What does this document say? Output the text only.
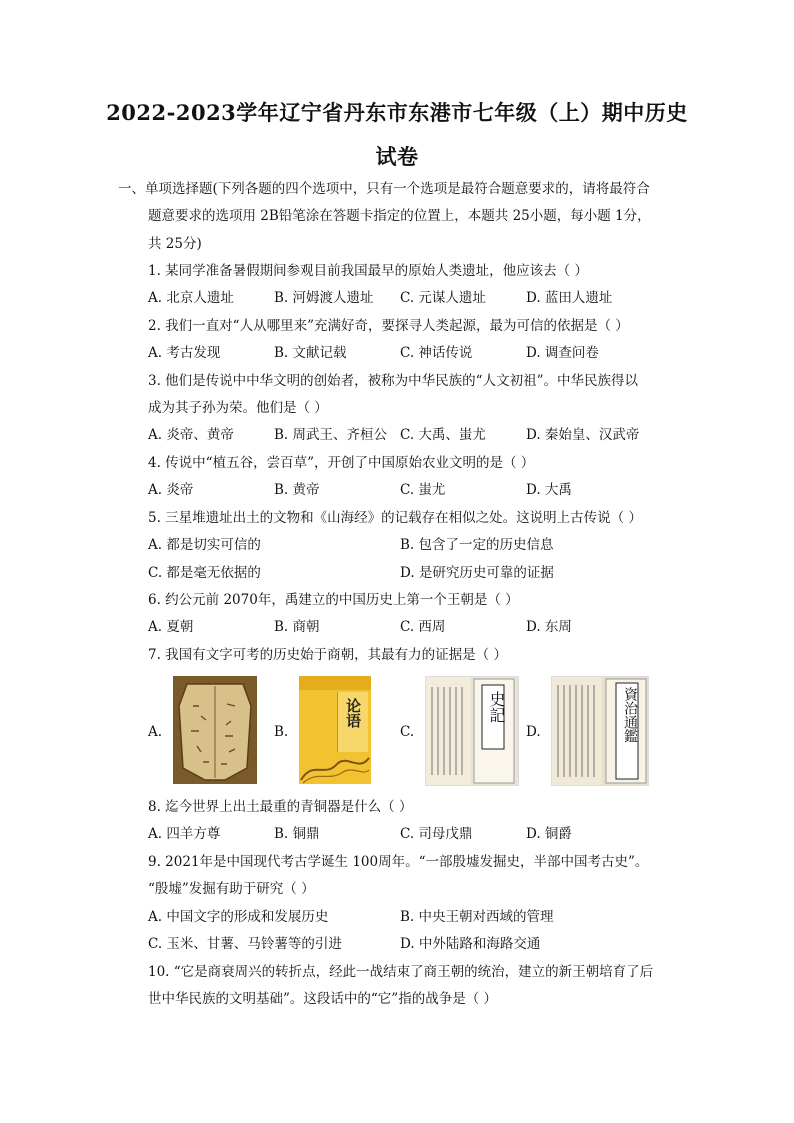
2022-2023学年辽宁省丹东市东港市七年级（上）期中历史
试卷
一、单项选择题(下列各题的四个选项中，只有一个选项是最符合题意要求的，请将最符合
题意要求的选项用 2B铅笔涂在答题卡指定的位置上，本题共 25小题，每小题 1分，
共 25分)
1. 某同学准备暑假期间参观目前我国最早的原始人类遗址，他应该去（ ）
A. 北京人遗址	B. 河姆渡人遗址 C. 元谋人遗址	D. 蓝田人遗址
2. 我们一直对“人从哪里来”充满好奇，要探寻人类起源，最为可信的依据是（ ）
A. 考古发现	B. 文献记载	C. 神话传说	D. 调查问卷
3. 他们是传说中中华文明的创始者，被称为中华民族的“人文初祖”。中华民族得以
成为其子孙为荣。他们是（ ）
A. 炎帝、黄帝	B. 周武王、齐桓公 C. 大禹、蚩尤	D. 秦始皇、汉武帝
4. 传说中“植五谷，尝百草”，开创了中国原始农业文明的是（ ）
A. 炎帝	B. 黄帝	C. 蚩尤	D. 大禹
5. 三星堆遗址出土的文物和《山海经》的记载存在相似之处。这说明上古传说（ ）
A. 都是切实可信的	B. 包含了一定的历史信息
C. 都是毫无依据的	D. 是研究历史可靠的证据
6. 约公元前 2070年，禹建立的中国历史上第一个王朝是（ ）
A. 夏朝	B. 商朝	C. 西周	D. 东周
7. 我国有文字可考的历史始于商朝，其最有力的证据是（ ）
A.	B.
论语
C.
史記
D.	資治通鑑
8. 迄今世界上出土最重的青铜器是什么（ ）
A. 四羊方尊	B. 铜鼎	C. 司母戊鼎	D. 铜爵
9. 2021年是中国现代考古学诞生 100周年。“一部殷墟发掘史，半部中国考古史”。
“殷墟”发掘有助于研究（ ）
A. 中国文字的形成和发展历史	B. 中央王朝对西域的管理
C. 玉米、甘薯、马铃薯等的引进	D. 中外陆路和海路交通
10. “它是商衰周兴的转折点，经此一战结束了商王朝的统治，建立的新王朝培育了后
世中华民族的文明基础”。这段话中的“它”指的战争是（ ）
